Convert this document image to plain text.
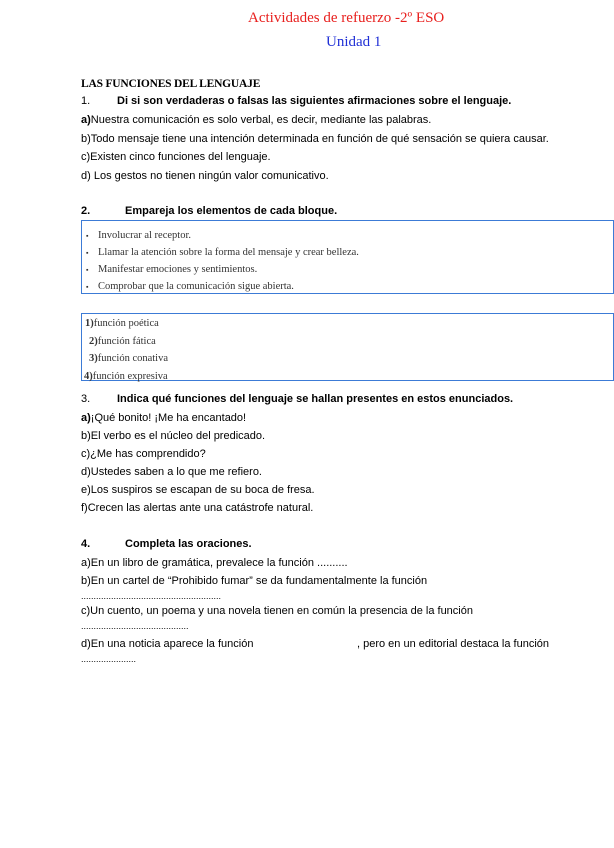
Actividades de refuerzo -2º ESO
Unidad 1
LAS FUNCIONES DEL LENGUAJE
1. Di si son verdaderas o falsas las siguientes afirmaciones sobre el lenguaje.
a)Nuestra comunicación es solo verbal, es decir, mediante las palabras.
b)Todo mensaje tiene una intención determinada en función de qué sensación se quiera causar.
c)Existen cinco funciones del lenguaje.
d) Los gestos no tienen ningún valor comunicativo.
2.	Empareja los elementos de cada bloque.
▪ Involucrar al receptor.
▪ Llamar la atención sobre la forma del mensaje y crear belleza.
▪ Manifestar emociones y sentimientos.
▪ Comprobar que la comunicación sigue abierta.
1)función poética
2)función fática
3)función conativa
4)función expresiva
3. Indica qué funciones del lenguaje se hallan presentes en estos enunciados.
a)¡Qué bonito! ¡Me ha encantado!
b)El verbo es el núcleo del predicado.
c)¿Me has comprendido?
d)Ustedes saben a lo que me refiero.
e)Los suspiros se escapan de su boca de fresa.
f)Crecen las alertas ante una catástrofe natural.
4.	Completa las oraciones.
a)En un libro de gramática, prevalece la función ..........
b)En un cartel de “Prohibido fumar” se da fundamentalmente la función
........................................................
c)Un cuento, un poema y una novela tienen en común la presencia de la función
...........................................
d)En una noticia aparece la función	, pero en un editorial destaca la función
......................
